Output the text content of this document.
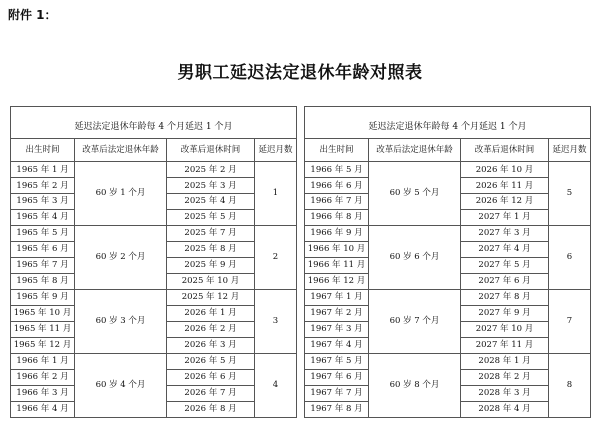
附件 1：
男职工延迟法定退休年龄对照表

延迟法定退休年龄每 4 个月延迟 1 个月			
出生时间	改革后法定退休年龄	改革后退休时间	延迟月数
1965 年 1 月	60 岁 1 个月	2025 年 2 月	1
1965 年 2 月		2025 年 3 月	
1965 年 3 月		2025 年 4 月	
1965 年 4 月		2025 年 5 月	
1965 年 5 月	60 岁 2 个月	2025 年 7 月	2
1965 年 6 月		2025 年 8 月	
1965 年 7 月		2025 年 9 月	
1965 年 8 月		2025 年 10 月	
1965 年 9 月	60 岁 3 个月	2025 年 12 月	3
1965 年 10 月		2026 年 1 月	
1965 年 11 月		2026 年 2 月	
1965 年 12 月		2026 年 3 月	
1966 年 1 月	60 岁 4 个月	2026 年 5 月	4
1966 年 2 月		2026 年 6 月	
1966 年 3 月		2026 年 7 月	
1966 年 4 月		2026 年 8 月	

延迟法定退休年龄每 4 个月延迟 1 个月			
出生时间	改革后法定退休年龄	改革后退休时间	延迟月数
1966 年 5 月	60 岁 5 个月	2026 年 10 月	5
1966 年 6 月		2026 年 11 月	
1966 年 7 月		2026 年 12 月	
1966 年 8 月		2027 年 1 月	
1966 年 9 月	60 岁 6 个月	2027 年 3 月	6
1966 年 10 月		2027 年 4 月	
1966 年 11 月		2027 年 5 月	
1966 年 12 月		2027 年 6 月	
1967 年 1 月	60 岁 7 个月	2027 年 8 月	7
1967 年 2 月		2027 年 9 月	
1967 年 3 月		2027 年 10 月	
1967 年 4 月		2027 年 11 月	
1967 年 5 月	60 岁 8 个月	2028 年 1 月	8
1967 年 6 月		2028 年 2 月	
1967 年 7 月		2028 年 3 月	
1967 年 8 月		2028 年 4 月	
